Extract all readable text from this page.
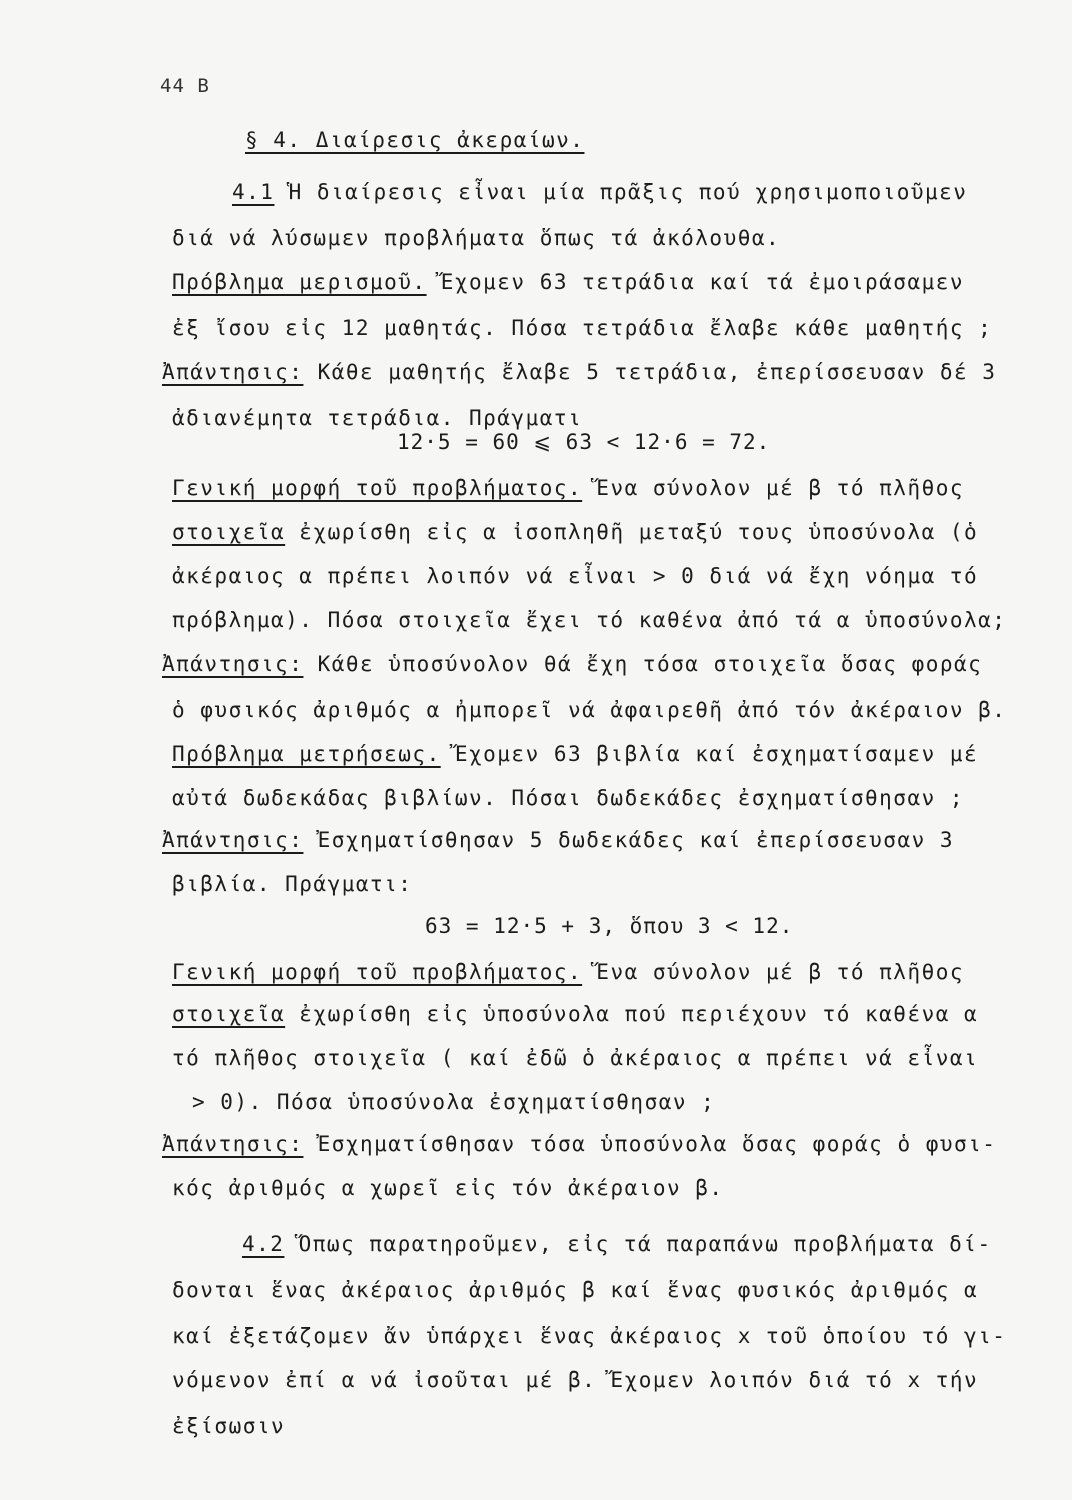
44 B
§ 4. Διαίρεσις ἀκεραίων.
4.1 Ἡ διαίρεσις εἶναι μία πρᾶξις πού χρησιμοποιοῦμεν
διά νά λύσωμεν προβλήματα ὅπως τά ἀκόλουθα.
Πρόβλημα μερισμοῦ. Ἔχομεν 63 τετράδια καί τά ἐμοιράσαμεν
ἐξ ἴσου εἰς 12 μαθητάς. Πόσα τετράδια ἔλαβε κάθε μαθητής ;
Ἀπάντησις: Κάθε μαθητής ἔλαβε 5 τετράδια, ἐπερίσσευσαν δέ 3
ἀδιανέμητα τετράδια. Πράγματι
12·5 = 60 ⩽ 63 < 12·6 = 72.
Γενική μορφή τοῦ προβλήματος. Ἕνα σύνολον μέ β τό πλῆθος
στοιχεῖα ἐχωρίσθη εἰς α ἰσοπληθῆ μεταξύ τους ὑποσύνολα (ὁ
ἀκέραιος α πρέπει λοιπόν νά εἶναι > 0 διά νά ἔχη νόημα τό
πρόβλημα). Πόσα στοιχεῖα ἔχει τό καθένα ἀπό τά α ὑποσύνολα;
Ἀπάντησις: Κάθε ὑποσύνολον θά ἔχη τόσα στοιχεῖα ὅσας φοράς
ὁ φυσικός ἀριθμός α ἠμπορεῖ νά ἀφαιρεθῆ ἀπό τόν ἀκέραιον β.
Πρόβλημα μετρήσεως. Ἔχομεν 63 βιβλία καί ἐσχηματίσαμεν μέ
αὐτά δωδεκάδας βιβλίων. Πόσαι δωδεκάδες ἐσχηματίσθησαν ;
Ἀπάντησις: Ἐσχηματίσθησαν 5 δωδεκάδες καί ἐπερίσσευσαν 3
βιβλία. Πράγματι:
63 = 12·5 + 3, ὅπου 3 < 12.
Γενική μορφή τοῦ προβλήματος. Ἕνα σύνολον μέ β τό πλῆθος
στοιχεῖα ἐχωρίσθη εἰς ὑποσύνολα πού περιέχουν τό καθένα α
τό πλῆθος στοιχεῖα ( καί ἐδῶ ὁ ἀκέραιος α πρέπει νά εἶναι
> 0). Πόσα ὑποσύνολα ἐσχηματίσθησαν ;
Ἀπάντησις: Ἐσχηματίσθησαν τόσα ὑποσύνολα ὅσας φοράς ὁ φυσι-
κός ἀριθμός α χωρεῖ εἰς τόν ἀκέραιον β.
4.2 Ὅπως παρατηροῦμεν, εἰς τά παραπάνω προβλήματα δί-
δονται ἕνας ἀκέραιος ἀριθμός β καί ἕνας φυσικός ἀριθμός α
καί ἐξετάζομεν ἄν ὑπάρχει ἕνας ἀκέραιος x τοῦ ὁποίου τό γι-
νόμενον ἐπί α νά ἰσοῦται μέ β. Ἔχομεν λοιπόν διά τό x τήν
ἐξίσωσιν
